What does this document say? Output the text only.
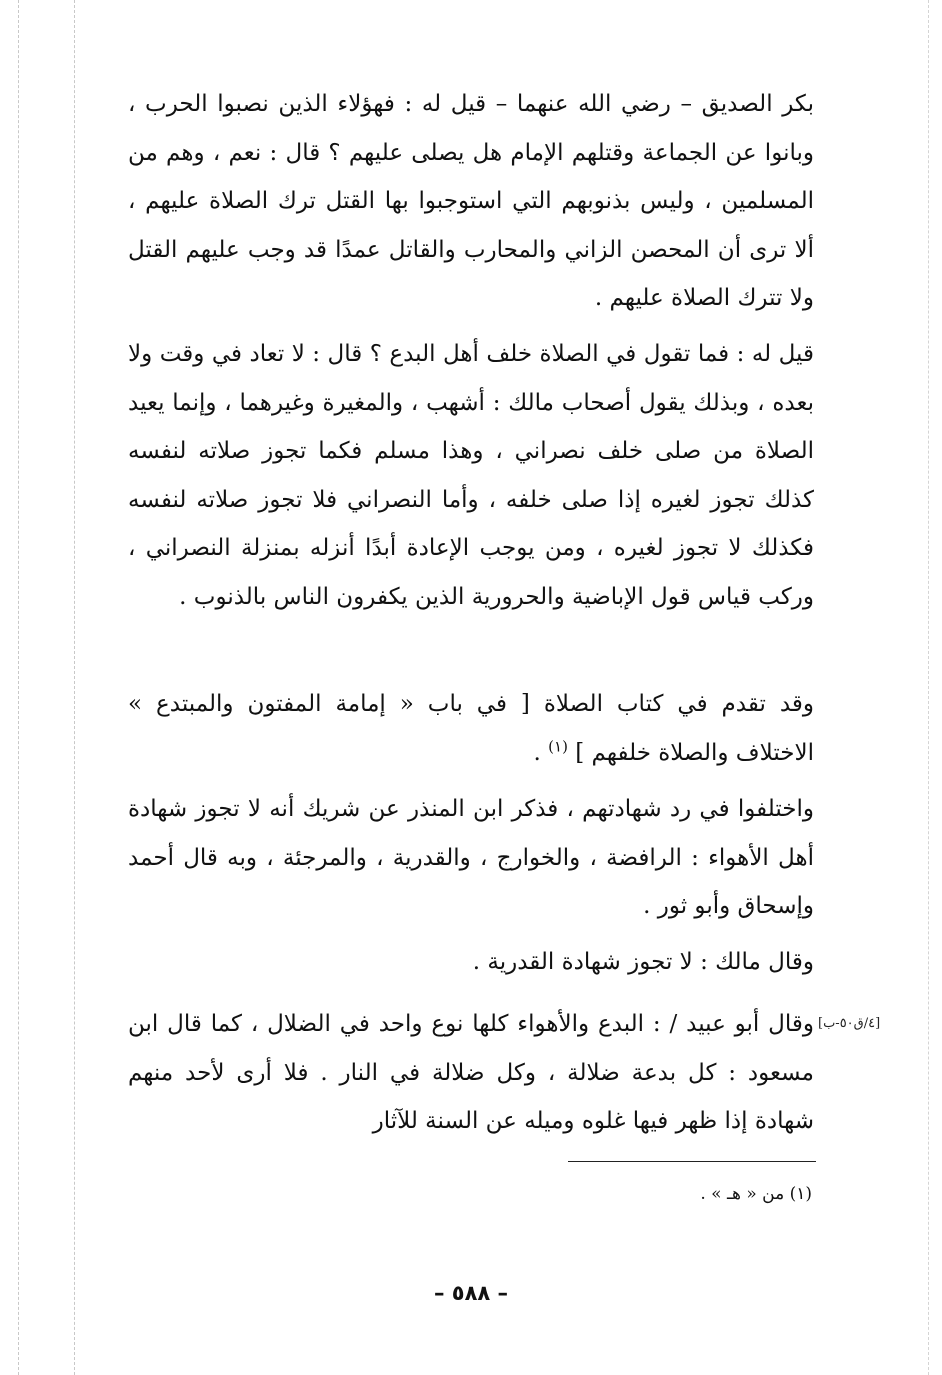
بكر الصديق – رضي الله عنهما – قيل له : فهؤلاء الذين نصبوا الحرب ، وبانوا عن الجماعة وقتلهم الإمام هل يصلى عليهم ؟ قال : نعم ، وهم من المسلمين ، وليس بذنوبهم التي استوجبوا بها القتل ترك الصلاة عليهم ، ألا ترى أن المحصن الزاني والمحارب والقاتل عمدًا قد وجب عليهم القتل ولا تترك الصلاة عليهم .

قيل له : فما تقول في الصلاة خلف أهل البدع ؟ قال : لا تعاد في وقت ولا بعده ، وبذلك يقول أصحاب مالك : أشهب ، والمغيرة وغيرهما ، وإنما يعيد الصلاة من صلى خلف نصراني ، وهذا مسلم فكما تجوز صلاته لنفسه كذلك تجوز لغيره إذا صلى خلفه ، وأما النصراني فلا تجوز صلاته لنفسه فكذلك لا تجوز لغيره ، ومن يوجب الإعادة أبدًا أنزله بمنزلة النصراني ، وركب قياس قول الإباضية والحرورية الذين يكفرون الناس بالذنوب .

وقد تقدم في كتاب الصلاة [ في باب « إمامة المفتون والمبتدع » الاختلاف والصلاة خلفهم ] $^{(١)}$ .

واختلفوا في رد شهادتهم ، فذكر ابن المنذر عن شريك أنه لا تجوز شهادة أهل الأهواء : الرافضة ، والخوارج ، والقدرية ، والمرجئة ، وبه قال أحمد وإسحاق وأبو ثور .

وقال مالك : لا تجوز شهادة القدرية .

وقال أبو عبيد / : البدع والأهواء كلها نوع واحد في الضلال ، كما قال ابن مسعود : كل بدعة ضلالة ، وكل ضلالة في النار . فلا أرى لأحد منهم شهادة إذا ظهر فيها غلوه وميله عن السنة للآثار

[٤/ق٥٠-ب]
(١) من « هـ » .
– ٥٨٨ –
